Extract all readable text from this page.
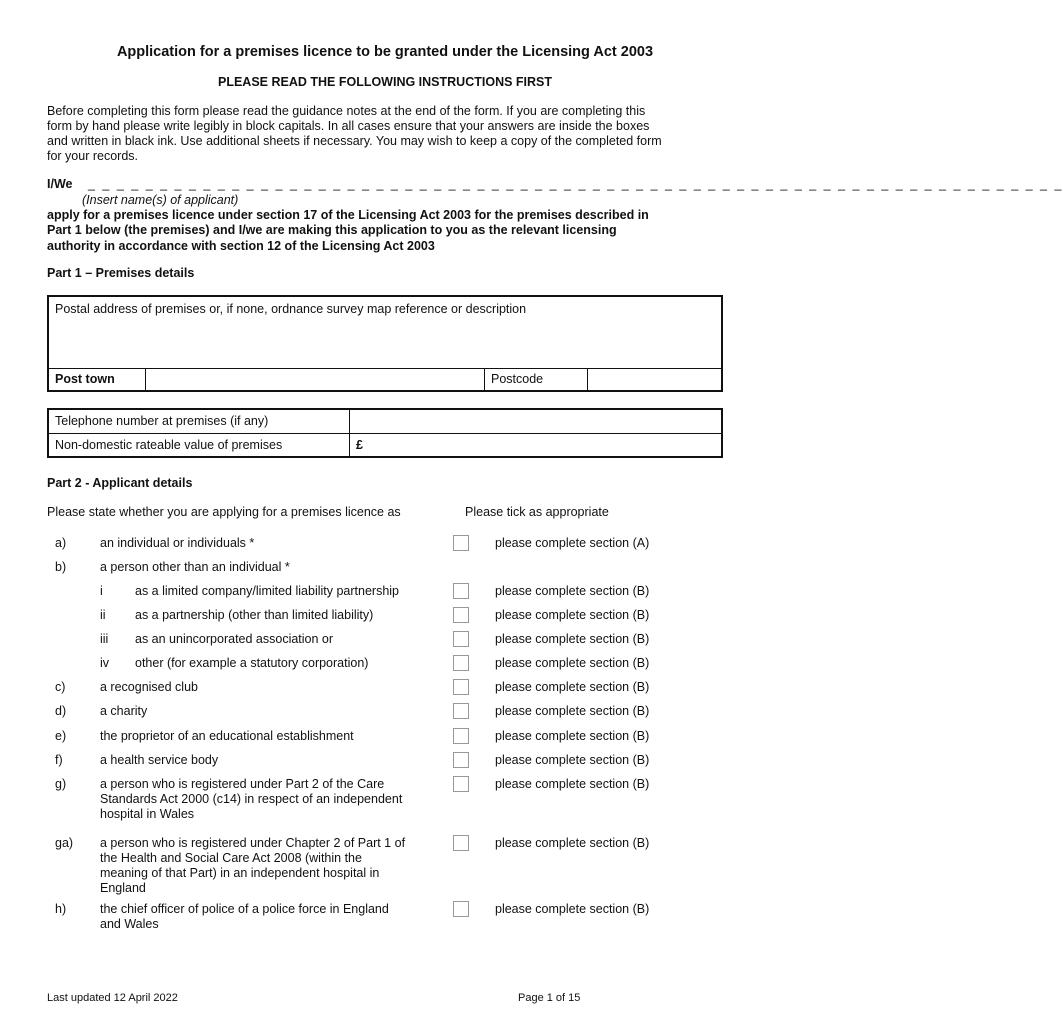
Application for a premises licence to be granted under the Licensing Act 2003
PLEASE READ THE FOLLOWING INSTRUCTIONS FIRST
Before completing this form please read the guidance notes at the end of the form. If you are completing this
form by hand please write legibly in block capitals. In all cases ensure that your answers are inside the boxes
and written in black ink. Use additional sheets if necessary. You may wish to keep a copy of the completed form
for your records.
I/We _ _ _ _ _ _ _ _ _ _ _ _ _ _ _ _ _ _ _ _ _ _ _ _ _ _ _ _ _ _ _ _ _ _ _ _ _ _ _ _ _ _ _ _ _ _ _ _ _ _ _ _ _ _ _ _ _ _ _ _ _ _ _ _ _ _ _ _
(Insert name(s) of applicant)
apply for a premises licence under section 17 of the Licensing Act 2003 for the premises described in
Part 1 below (the premises) and I/we are making this application to you as the relevant licensing
authority in accordance with section 12 of the Licensing Act 2003
Part 1 – Premises details
Postal address of premises or, if none, ordnance survey map reference or description
Post town		Postcode	
Telephone number at premises (if any)	
Non-domestic rateable value of premises	£
Part 2 - Applicant details
Please state whether you are applying for a premises licence as	Please tick as appropriate
a)	an individual or individuals *	please complete section (A)
b)	a person other than an individual *
i	as a limited company/limited liability partnership	please complete section (B)
ii as a partnership (other than limited liability)	please complete section (B)
iii as an unincorporated association or	please complete section (B)
iv other (for example a statutory corporation)	please complete section (B)
c)	a recognised club	please complete section (B)
d)	a charity	please complete section (B)
e)	the proprietor of an educational establishment	please complete section (B)
f)	a health service body	please complete section (B)
g)	a person who is registered under Part 2 of the Care
Standards Act 2000 (c14) in respect of an independent
hospital in Wales
please complete section (B)
ga) a person who is registered under Chapter 2 of Part 1 of
the Health and Social Care Act 2008 (within the
meaning of that Part) in an independent hospital in
England
please complete section (B)
h)	the chief officer of police of a police force in England
and Wales
please complete section (B)
Last updated 12 April 2022	Page 1 of 15
